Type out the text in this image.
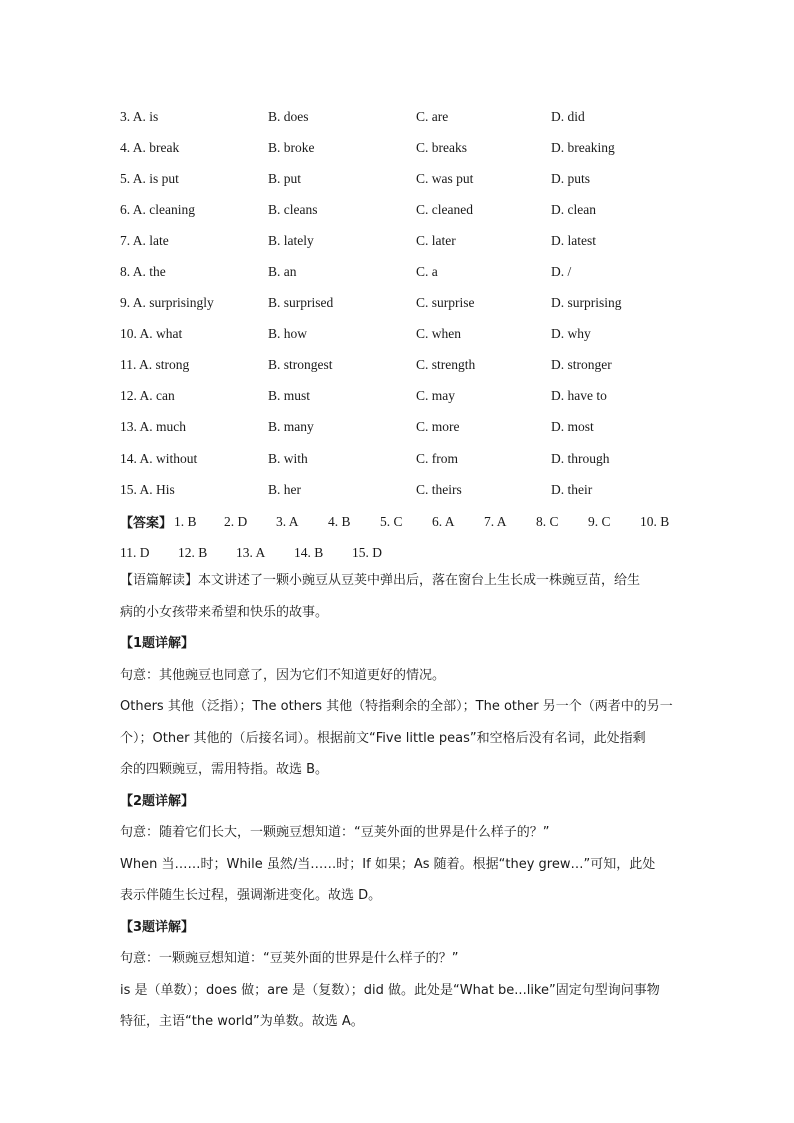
3. A. is	B. does	C. are	D. did
4. A. break	B. broke	C. breaks	D. breaking
5. A. is put	B. put	C. was put	D. puts
6. A. cleaning	B. cleans	C. cleaned	D. clean
7. A. late	B. lately	C. later	D. latest
8. A. the	B. an	C. a	D. /
9. A. surprisingly	B. surprised	C. surprise	D. surprising
10. A. what	B. how	C. when	D. why
11. A. strong	B. strongest	C. strength	D. stronger
12. A. can	B. must	C. may	D. have to
13. A. much	B. many	C. more	D. most
14. A. without	B. with	C. from	D. through
15. A. His	B. her	C. theirs	D. their
【答案】 1. B	2. D	3. A	4. B	5. C	6. A	7. A	8. C	9. C	10. B
11. D	12. B	13. A	14. B	15. D
【语篇解读】本文讲述了一颗小豌豆从豆荚中弹出后，落在窗台上生长成一株豌豆苗，给生
病的小女孩带来希望和快乐的故事。
【1题详解】
句意：其他豌豆也同意了，因为它们不知道更好的情况。
Others 其他（泛指）；The others 其他（特指剩余的全部）；The other 另一个（两者中的另一
个）；Other 其他的（后接名词）。根据前文“Five little peas”和空格后没有名词，此处指剩
余的四颗豌豆，需用特指。故选 B。
【2题详解】
句意：随着它们长大，一颗豌豆想知道：“豆荚外面的世界是什么样子的？”
When 当……时；While 虽然/当……时；If 如果；As 随着。根据“they grew…”可知，此处
表示伴随生长过程，强调渐进变化。故选 D。
【3题详解】
句意：一颗豌豆想知道：“豆荚外面的世界是什么样子的？”
is 是（单数）；does 做；are 是（复数）；did 做。此处是“What be...like”固定句型询问事物
特征，主语“the world”为单数。故选 A。
